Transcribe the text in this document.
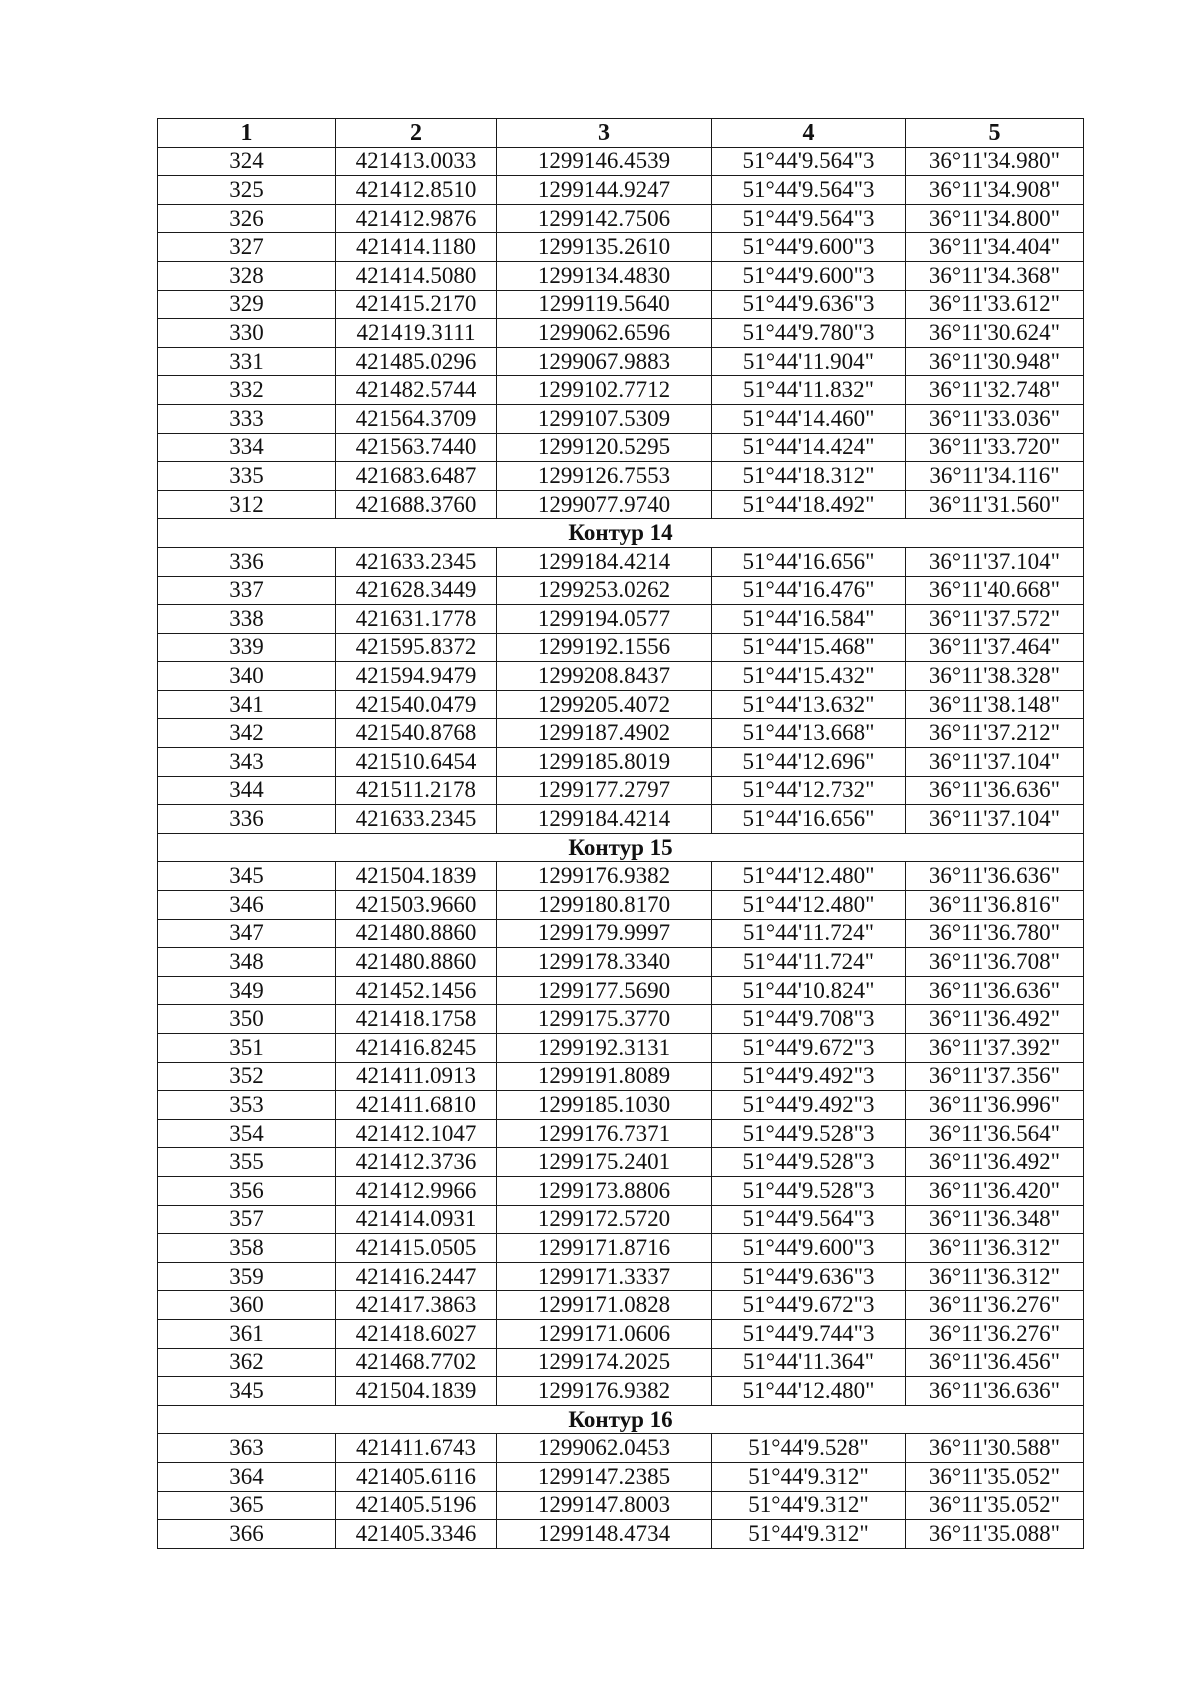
1	2	3	4	5
324	421413.0033	1299146.4539	51°44'9.564"3	36°11'34.980"
325	421412.8510	1299144.9247	51°44'9.564"3	36°11'34.908"
326	421412.9876	1299142.7506	51°44'9.564"3	36°11'34.800"
327	421414.1180	1299135.2610	51°44'9.600"3	36°11'34.404"
328	421414.5080	1299134.4830	51°44'9.600"3	36°11'34.368"
329	421415.2170	1299119.5640	51°44'9.636"3	36°11'33.612"
330	421419.3111	1299062.6596	51°44'9.780"3	36°11'30.624"
331	421485.0296	1299067.9883	51°44'11.904"	36°11'30.948"
332	421482.5744	1299102.7712	51°44'11.832"	36°11'32.748"
333	421564.3709	1299107.5309	51°44'14.460"	36°11'33.036"
334	421563.7440	1299120.5295	51°44'14.424"	36°11'33.720"
335	421683.6487	1299126.7553	51°44'18.312"	36°11'34.116"
312	421688.3760	1299077.9740	51°44'18.492"	36°11'31.560"
Контур 14				
336	421633.2345	1299184.4214	51°44'16.656"	36°11'37.104"
337	421628.3449	1299253.0262	51°44'16.476"	36°11'40.668"
338	421631.1778	1299194.0577	51°44'16.584"	36°11'37.572"
339	421595.8372	1299192.1556	51°44'15.468"	36°11'37.464"
340	421594.9479	1299208.8437	51°44'15.432"	36°11'38.328"
341	421540.0479	1299205.4072	51°44'13.632"	36°11'38.148"
342	421540.8768	1299187.4902	51°44'13.668"	36°11'37.212"
343	421510.6454	1299185.8019	51°44'12.696"	36°11'37.104"
344	421511.2178	1299177.2797	51°44'12.732"	36°11'36.636"
336	421633.2345	1299184.4214	51°44'16.656"	36°11'37.104"
Контур 15				
345	421504.1839	1299176.9382	51°44'12.480"	36°11'36.636"
346	421503.9660	1299180.8170	51°44'12.480"	36°11'36.816"
347	421480.8860	1299179.9997	51°44'11.724"	36°11'36.780"
348	421480.8860	1299178.3340	51°44'11.724"	36°11'36.708"
349	421452.1456	1299177.5690	51°44'10.824"	36°11'36.636"
350	421418.1758	1299175.3770	51°44'9.708"3	36°11'36.492"
351	421416.8245	1299192.3131	51°44'9.672"3	36°11'37.392"
352	421411.0913	1299191.8089	51°44'9.492"3	36°11'37.356"
353	421411.6810	1299185.1030	51°44'9.492"3	36°11'36.996"
354	421412.1047	1299176.7371	51°44'9.528"3	36°11'36.564"
355	421412.3736	1299175.2401	51°44'9.528"3	36°11'36.492"
356	421412.9966	1299173.8806	51°44'9.528"3	36°11'36.420"
357	421414.0931	1299172.5720	51°44'9.564"3	36°11'36.348"
358	421415.0505	1299171.8716	51°44'9.600"3	36°11'36.312"
359	421416.2447	1299171.3337	51°44'9.636"3	36°11'36.312"
360	421417.3863	1299171.0828	51°44'9.672"3	36°11'36.276"
361	421418.6027	1299171.0606	51°44'9.744"3	36°11'36.276"
362	421468.7702	1299174.2025	51°44'11.364"	36°11'36.456"
345	421504.1839	1299176.9382	51°44'12.480"	36°11'36.636"
Контур 16				
363	421411.6743	1299062.0453	51°44'9.528"	36°11'30.588"
364	421405.6116	1299147.2385	51°44'9.312"	36°11'35.052"
365	421405.5196	1299147.8003	51°44'9.312"	36°11'35.052"
366	421405.3346	1299148.4734	51°44'9.312"	36°11'35.088"
